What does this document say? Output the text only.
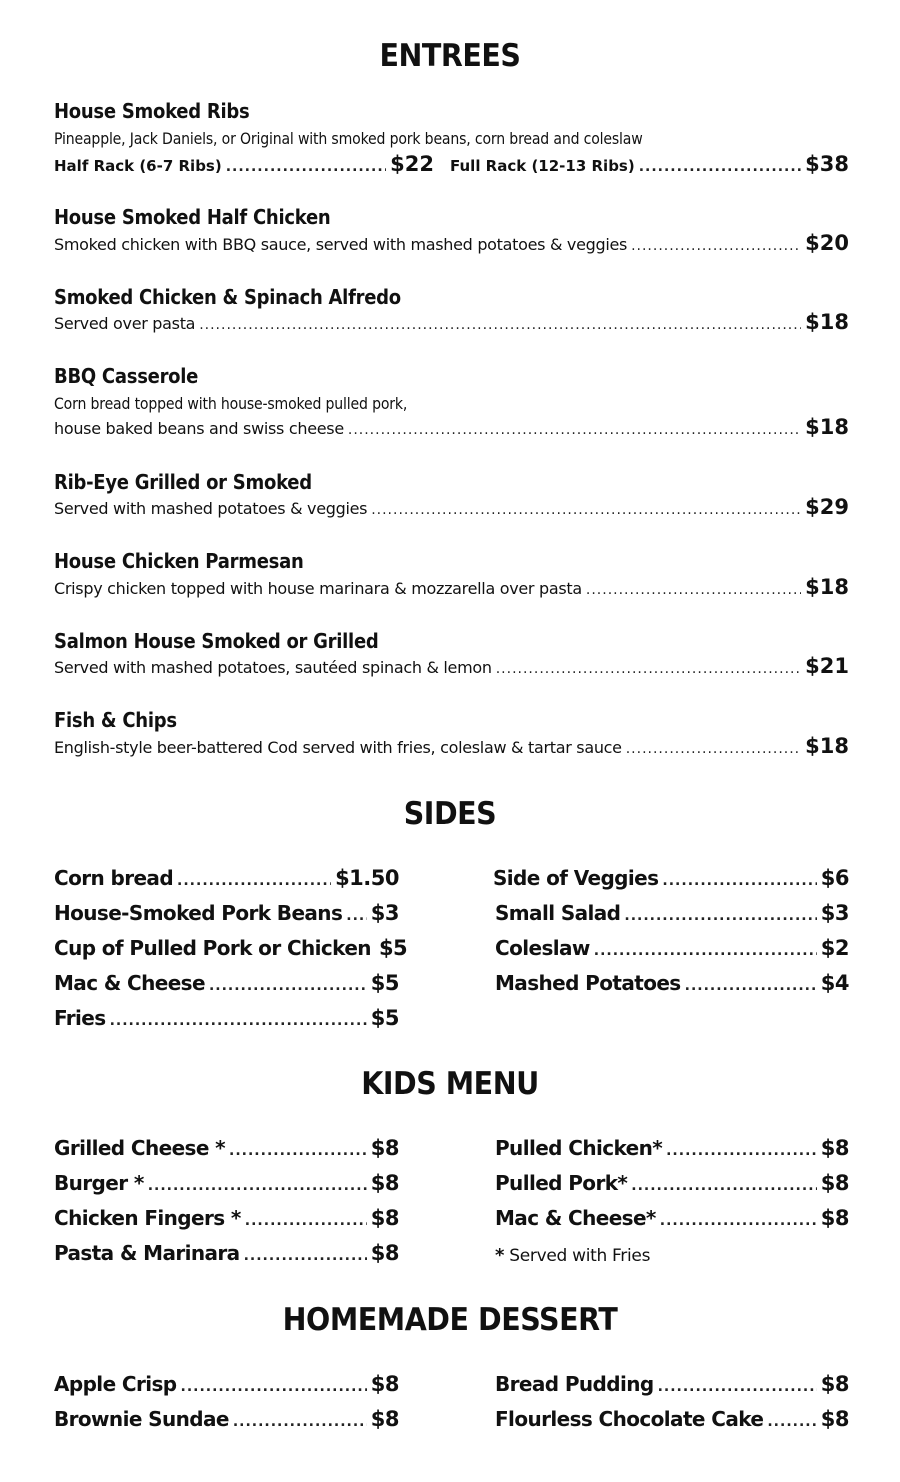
ENTREES
House Smoked Ribs
Pineapple, Jack Daniels, or Original with smoked pork beans, corn bread and coleslaw
Half Rack (6-7 Ribs) .....	$22 Full Rack (12-13 Ribs) .....	$38
House Smoked Half Chicken
Smoked chicken with BBQ sauce, served with mashed potatoes & veggies .....	$20
Smoked Chicken & Spinach Alfredo
Served over pasta .....	$18
BBQ Casserole
Corn bread topped with house-smoked pulled pork,
house baked beans and swiss cheese .....	$18
Rib-Eye Grilled or Smoked
Served with mashed potatoes & veggies .....	$29
House Chicken Parmesan
Crispy chicken topped with house marinara & mozzarella over pasta .....	$18
Salmon House Smoked or Grilled
Served with mashed potatoes, sautéed spinach & lemon .....	$21
Fish & Chips
English-style beer-battered Cod served with fries, coleslaw & tartar sauce .....	$18
SIDES
Corn bread .....	$1.50
House-Smoked Pork Beans ..... $3
Cup of Pulled Pork or Chicken $5
Mac & Cheese .....	$5
Fries .....	$5
Side of Veggies .....	$6
Small Salad .....	$3
Coleslaw .....	$2
Mashed Potatoes .....	$4
KIDS MENU
Grilled Cheese * .....	$8
Burger * .....	$8
Chicken Fingers * .....	$8
Pasta & Marinara .....	$8
Pulled Chicken* .....	$8
Pulled Pork* .....	$8
Mac & Cheese* .....	$8
* Served with Fries
HOMEMADE DESSERT
Apple Crisp .....	$8
Brownie Sundae .....	$8
Bread Pudding .....	$8
Flourless Chocolate Cake .....	$8
